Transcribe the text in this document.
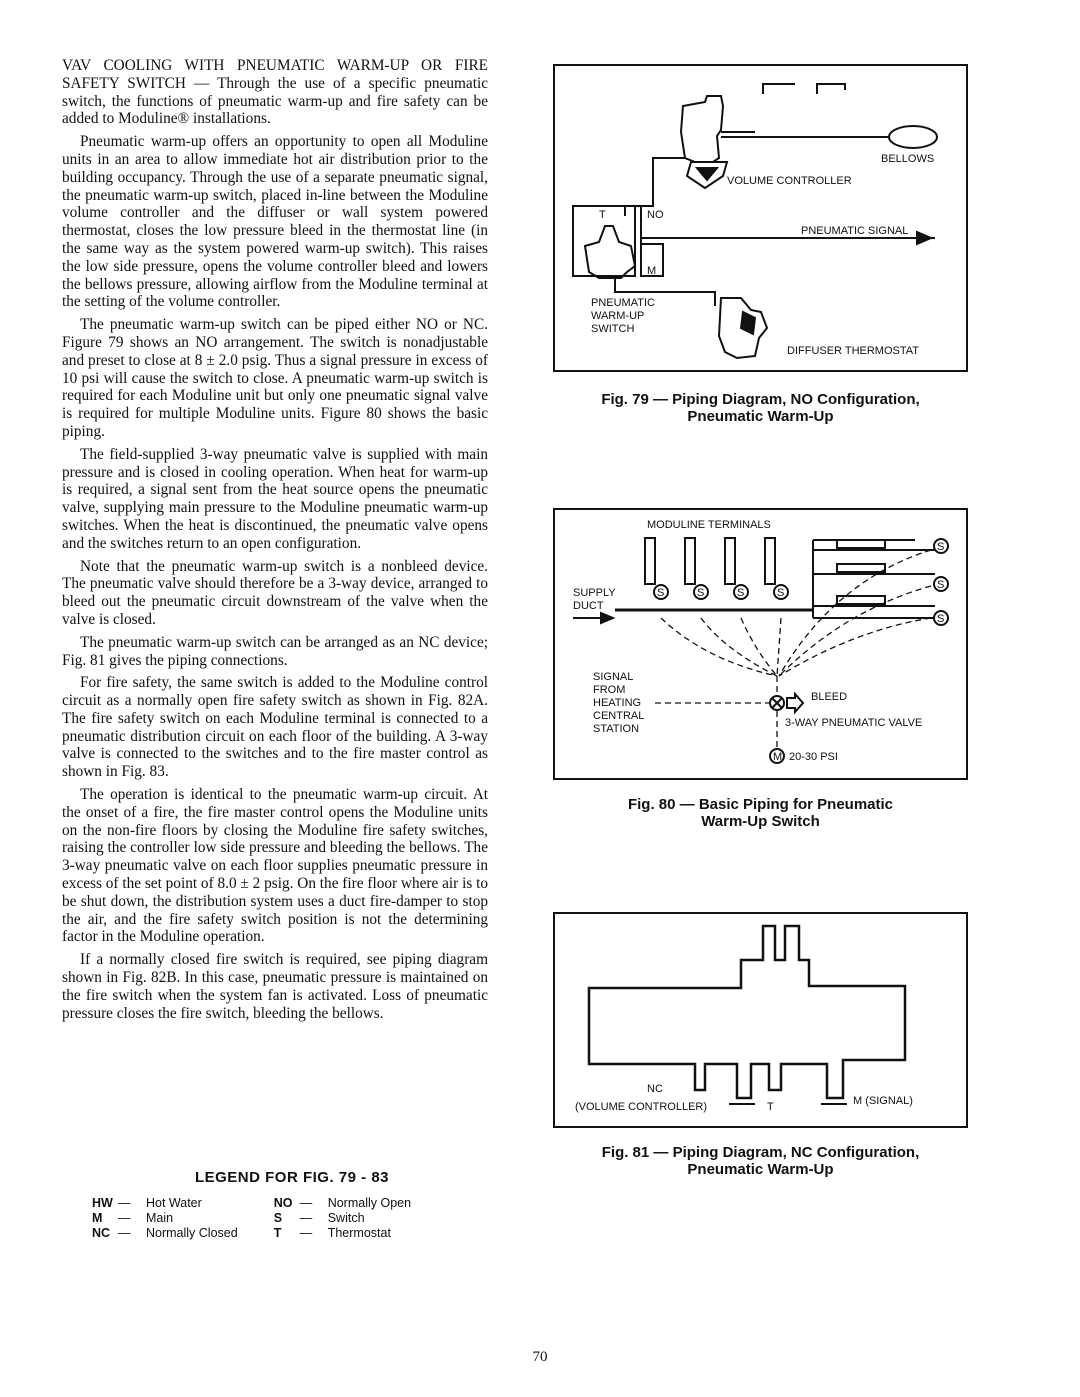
VAV COOLING WITH PNEUMATIC WARM-UP OR FIRE SAFETY SWITCH — Through the use of a specific pneumatic switch, the functions of pneumatic warm-up and fire safety can be added to Moduline® installations.

Pneumatic warm-up offers an opportunity to open all Moduline units in an area to allow immediate hot air distribution prior to the building occupancy. Through the use of a separate pneumatic signal, the pneumatic warm-up switch, placed in-line between the Moduline volume controller and the diffuser or wall system powered thermostat, closes the low pressure bleed in the thermostat line (in the same way as the system powered warm-up switch). This raises the low side pressure, opens the volume controller bleed and lowers the bellows pressure, allowing airflow from the Moduline terminal at the setting of the volume controller.

The pneumatic warm-up switch can be piped either NO or NC. Figure 79 shows an NO arrangement. The switch is nonadjustable and preset to close at 8 ± 2.0 psig. Thus a signal pressure in excess of 10 psi will cause the switch to close. A pneumatic warm-up switch is required for each Moduline unit but only one pneumatic signal valve is required for multiple Moduline units. Figure 80 shows the basic piping.

The field-supplied 3-way pneumatic valve is supplied with main pressure and is closed in cooling operation. When heat for warm-up is required, a signal sent from the heat source opens the pneumatic valve, supplying main pressure to the Moduline pneumatic warm-up switches. When the heat is discontinued, the pneumatic valve opens and the switches return to an open configuration.

Note that the pneumatic warm-up switch is a nonbleed device. The pneumatic valve should therefore be a 3-way device, arranged to bleed out the pneumatic circuit downstream of the valve when the valve is closed.

The pneumatic warm-up switch can be arranged as an NC device; Fig. 81 gives the piping connections.

For fire safety, the same switch is added to the Moduline control circuit as a normally open fire safety switch as shown in Fig. 82A. The fire safety switch on each Moduline terminal is connected to a pneumatic distribution circuit on each floor of the building. A 3-way valve is connected to the switches and to the fire master control as shown in Fig. 83.

The operation is identical to the pneumatic warm-up circuit. At the onset of a fire, the fire master control opens the Moduline units on the non-fire floors by closing the Moduline fire safety switches, raising the controller low side pressure and bleeding the bellows. The 3-way pneumatic valve on each floor supplies pneumatic pressure in excess of the set point of 8.0 ± 2 psig. On the fire floor where air is to be shut down, the distribution system uses a duct fire-damper to stop the air, and the fire safety switch position is not the determining factor in the Moduline operation.

If a normally closed fire switch is required, see piping diagram shown in Fig. 82B. In this case, pneumatic pressure is maintained on the fire switch when the system fan is activated. Loss of pneumatic pressure closes the fire switch, bleeding the bellows.

LEGEND FOR FIG. 79 - 83
HW —	Hot Water
M	—	Main
NC —	Normally Closed
NO —	Normally Open
S	—	Switch
T	—	Thermostat
BELLOWS
VOLUME CONTROLLER
T	NO
PNEUMATIC SIGNAL
M
PNEUMATIC
WARM-UP
SWITCH
DIFFUSER THERMOSTAT
Fig. 79 — Piping Diagram, NO Configuration,
Pneumatic Warm-Up
MODULINE TERMINALS
SUPPLY
DUCT
S	S	S	S
S
S
S
SIGNAL
FROM
HEATING
CENTRAL
STATION
BLEED
3-WAY PNEUMATIC VALVE
M 20-30 PSI
Fig. 80 — Basic Piping for Pneumatic
Warm-Up Switch
NC
(VOLUME CONTROLLER)	T	M (SIGNAL)
Fig. 81 — Piping Diagram, NC Configuration,
Pneumatic Warm-Up
70
